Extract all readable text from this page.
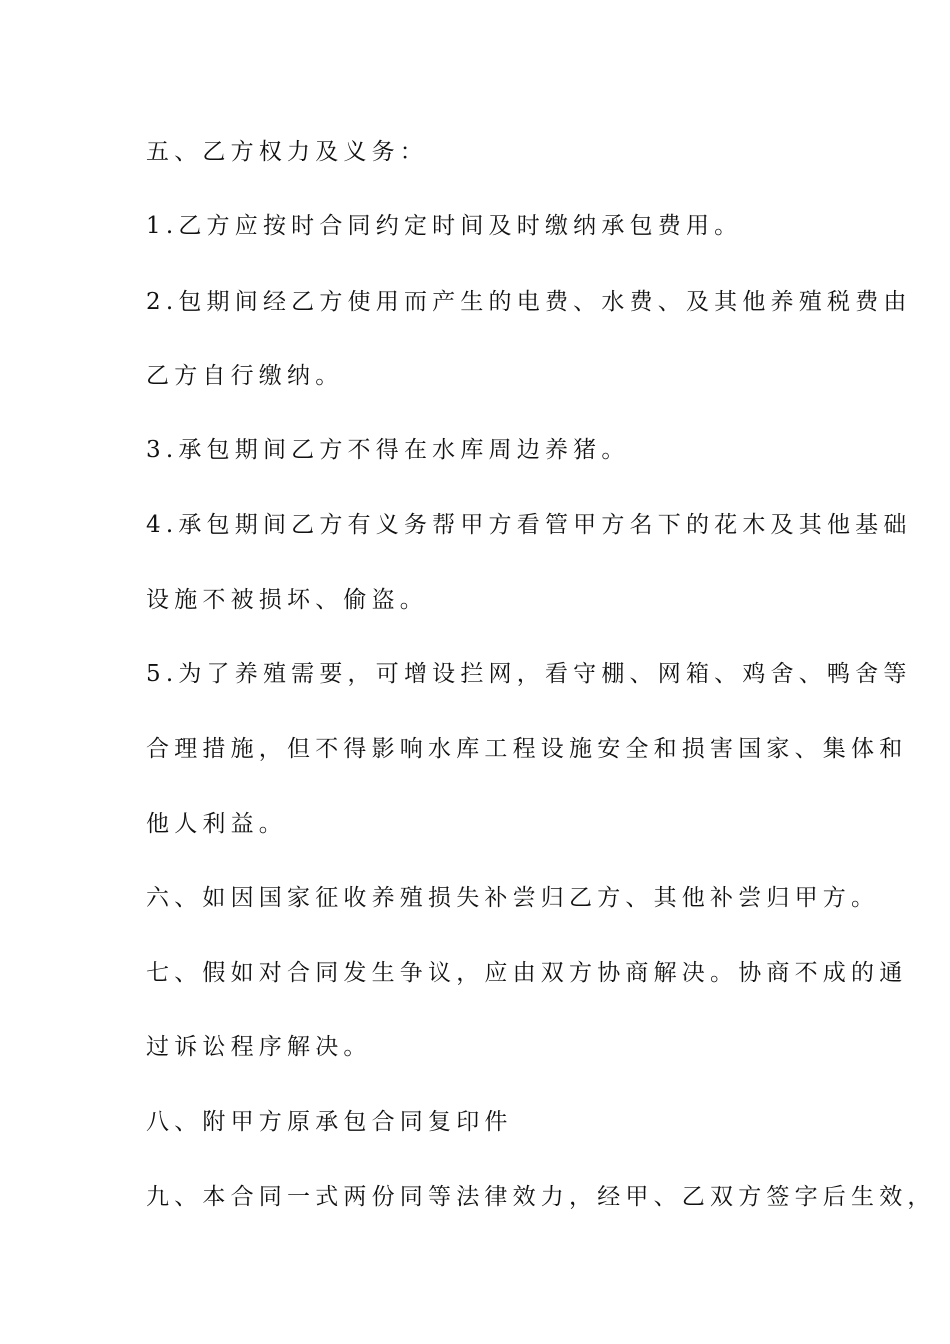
五、乙方权力及义务：
1.乙方应按时合同约定时间及时缴纳承包费用。
2.包期间经乙方使用而产生的电费、水费、及其他养殖税费由
乙方自行缴纳。
3.承包期间乙方不得在水库周边养猪。
4.承包期间乙方有义务帮甲方看管甲方名下的花木及其他基础
设施不被损坏、偷盗。
5.为了养殖需要，可增设拦网，看守棚、网箱、鸡舍、鸭舍等
合理措施，但不得影响水库工程设施安全和损害国家、集体和
他人利益。
六、如因国家征收养殖损失补尝归乙方、其他补尝归甲方。
七、假如对合同发生争议，应由双方协商解决。协商不成的通
过诉讼程序解决。
八、附甲方原承包合同复印件
九、本合同一式两份同等法律效力，经甲、乙双方签字后生效，
